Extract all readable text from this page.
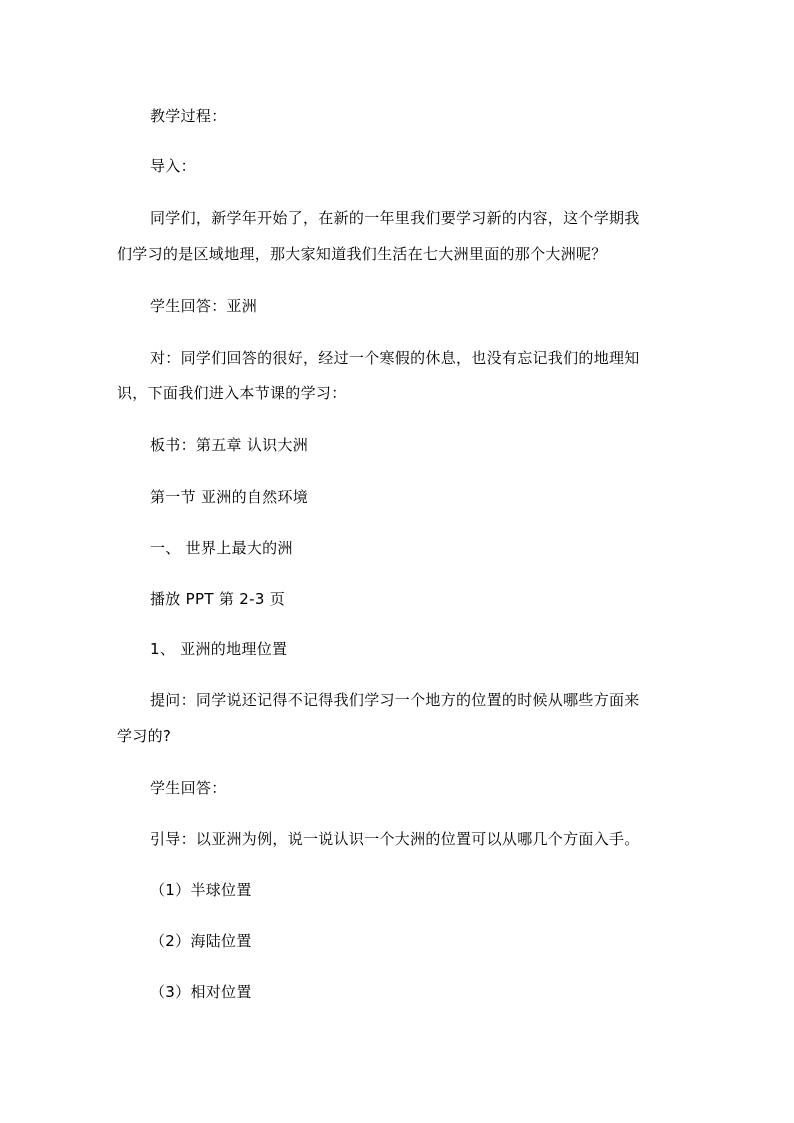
教学过程：
导入：
同学们，新学年开始了，在新的一年里我们要学习新的内容，这个学期我
们学习的是区域地理，那大家知道我们生活在七大洲里面的那个大洲呢？
学生回答：亚洲
对：同学们回答的很好，经过一个寒假的休息，也没有忘记我们的地理知
识，下面我们进入本节课的学习：
板书：第五章 认识大洲
第一节 亚洲的自然环境
一、 世界上最大的洲
播放 PPT 第 2-3 页
1、 亚洲的地理位置
提问：同学说还记得不记得我们学习一个地方的位置的时候从哪些方面来
学习的?
学生回答：
引导：以亚洲为例，说一说认识一个大洲的位置可以从哪几个方面入手。
（1）半球位置
（2）海陆位置
（3）相对位置
